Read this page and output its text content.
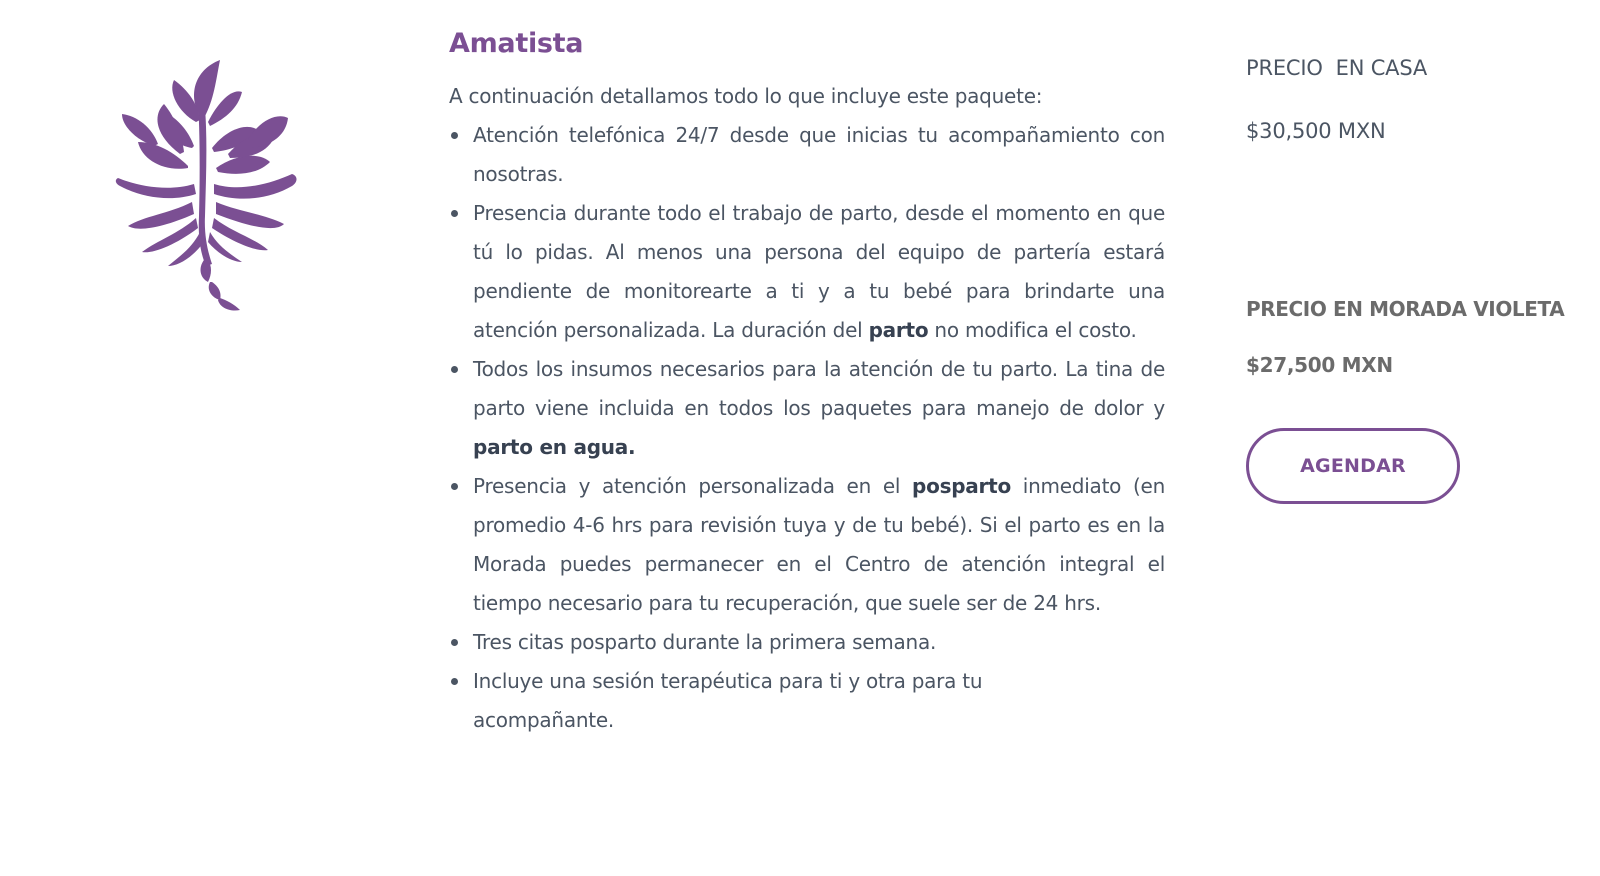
Amatista

A continuación detallamos todo lo que incluye este paquete:

Atención telefónica 24/7 desde que inicias tu acompañamiento con nosotras.
Presencia durante todo el trabajo de parto, desde el momento en que tú lo pidas. Al menos una persona del equipo de partería estará pendiente de monitorearte a ti y a tu bebé para brindarte una atención personalizada. La duración del parto no modifica el costo.
Todos los insumos necesarios para la atención de tu parto. La tina de parto viene incluida en todos los paquetes para manejo de dolor y parto en agua.
Presencia y atención personalizada en el posparto inmediato (en promedio 4-6 hrs para revisión tuya y de tu bebé). Si el parto es en la Morada puedes permanecer en el Centro de atención integral el tiempo necesario para tu recuperación, que suele ser de 24 hrs.
Tres citas posparto durante la primera semana.
Incluye una sesión terapéutica para ti y otra para tu acompañante.
PRECIO  EN CASA
$30,500 MXN
PRECIO EN MORADA VIOLETA
$27,500 MXN
AGENDAR
